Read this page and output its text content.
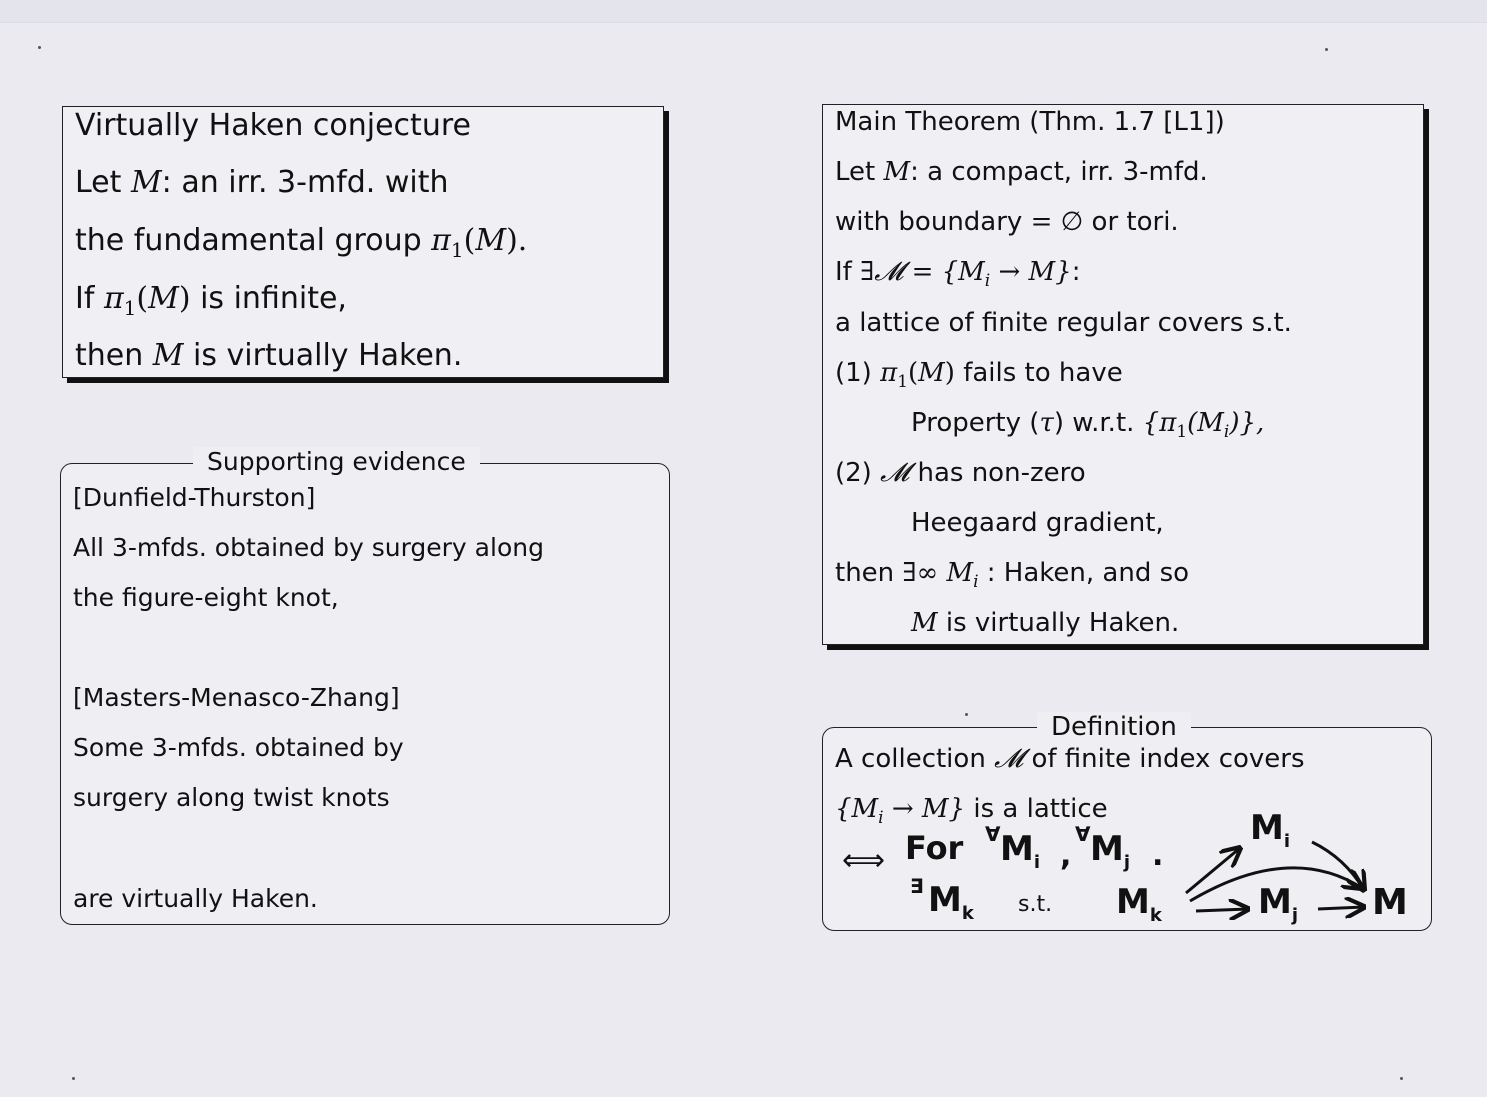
Virtually Haken conjecture
Let M: an irr. 3-mfd. with
the fundamental group $\pi_1(M)$.
If $\pi_1(M)$ is infinite,
then M is virtually Haken.
Supporting evidence
[Dunfield-Thurston]
All 3-mfds. obtained by surgery along
the figure-eight knot,
[Masters-Menasco-Zhang]
Some 3-mfds. obtained by
surgery along twist knots
are virtually Haken.
Main Theorem (Thm. 1.7 [L1])
Let M: a compact, irr. 3-mfd.
with boundary = ∅ or tori.
If ∃𝓜 = $\{M_i \to M\}$:
a lattice of finite regular covers s.t.
(1) $\pi_1(M)$ fails to have
Property (τ) w.r.t. $\{\pi_1(M_i)\}$,
(2) 𝓜 has non-zero
Heegaard gradient,
then ∃∞ $M_i$ : Haken, and so
M is virtually Haken.
Definition
A collection 𝓜 of finite index covers
$\{M_i \to M\}$ is a lattice
⟺ For ∀ $M_i$ ,
∀ $M_j$ .
∃ $M_k$ s.t. $M_k$
$M_i$
$M_j$ M
